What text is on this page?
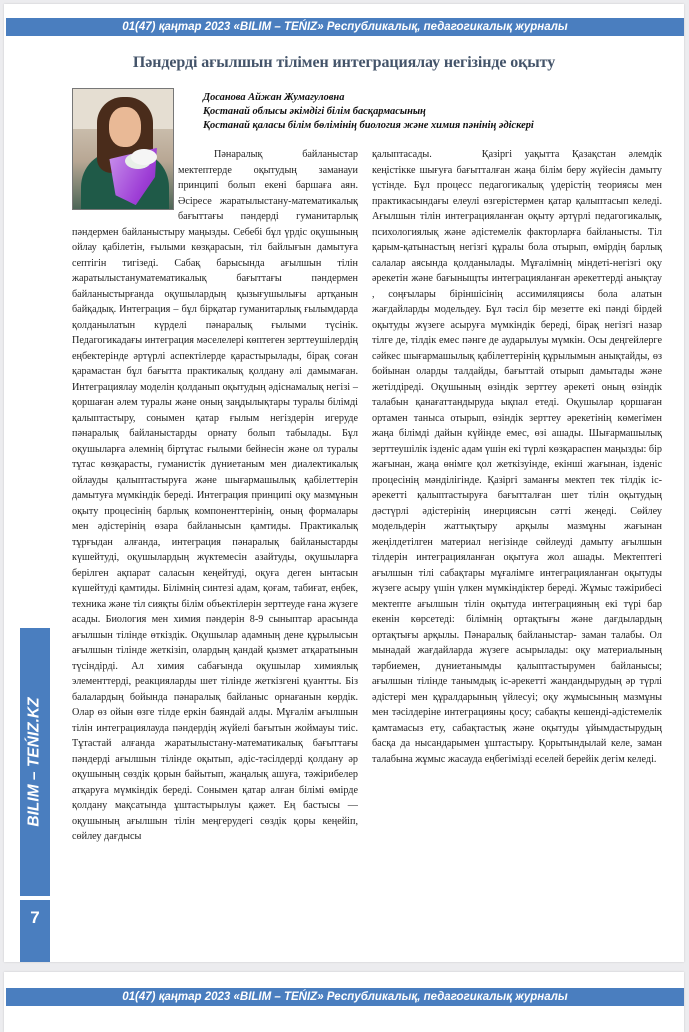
01(47) қаңтар 2023 «BILIM – TEŃIZ» Республикалық, педагогикалық журналы
Пәндерді ағылшын тілімен интеграциялау негізінде оқыту
Досанова Айжан Жумагуловна
Қостанай облысы әкімдігі білім басқармасының
Қостанай қаласы білім бөлімінің биология және химия пәнінің әдіскері

Пәнаралық байланыстар мектептерде оқытудың заманауи принципі болып екені баршаға аян. Әсіресе жаратылыстану-математикалық бағыттағы пәндерді гуманитарлық пәндермен байланыстыру маңызды. Себебі бұл үрдіс оқушының ойлау қабілетін, ғылыми көзқарасын, тіл байлығын дамытуға септігін тигізеді. Сабақ барысында ағылшын тілін жаратылыстануматематикалық бағыттағы пәндермен байланыстырғанда оқушылардың қызығушылығы артқанын байқадық. Интеграция – бұл бірқатар гуманитарлық ғылымдарда қолданылатын күрделі пәнаралық ғылыми түсінік. Педагогикадағы интеграция мәселелері көптеген зерттеушілердің еңбектерінде әртүрлі аспектілерде қарастырылады, бірақ соған қарамастан бұл бағытта практикалық қолдану әлі дамымаған. Интеграциялау моделін қолданып оқытудың әдіснамалық негізі – қоршаған әлем туралы және оның заңдылықтары туралы білімді қалыптастыру, сонымен қатар ғылым негіздерін игеруде пәнаралық байланыстарды орнату болып табылады. Бұл оқушыларға әлемнің біртұтас ғылыми бейнесін және ол туралы тұтас көзқарасты, гуманистік дүниетаным мен диалектикалық ойлауды қалыптастыруға және шығармашылық қабілеттерін дамытуға мүмкіндік береді. Интеграция принципі оқу мазмұнын оқыту процесінің барлық компоненттерінің, оның формалары мен әдістерінің өзара байланысын қамтиды. Практикалық тұрғыдан алғанда, интеграция пәнаралық байланыстарды күшейтуді, оқушылардың жүктемесін азайтуды, оқушыларға берілген ақпарат саласын кеңейтуді, оқуға деген ынтасын күшейтуді қамтиды. Білімнің синтезі адам, қоғам, табиғат, еңбек, техника және тіл сияқты білім объектілерін зерттеуде ғана жүзеге асады. Биология мен химия пәндерін 8-9 сыныптар арасында ағылшын тілінде өткіздік. Оқушылар адамның дене құрылысын ағылшын тілінде жеткізіп, олардың қандай қызмет атқаратынын түсіндірді. Ал химия сабағында оқушылар химиялық элементтерді, реакцияларды шет тілінде жеткізгені қуантты. Біз балалардың бойында пәнаралық байланыс орнағанын көрдік. Олар өз ойын өзге тілде еркін баяндай алды. Мұғалім ағылшын тілін интеграциялауда пәндердің жүйелі бағытын жоймауы тиіс. Тұтастай алғанда жаратылыстану-математикалық бағыттағы пәндерді ағылшын тілінде оқытып, әдіс-тәсілдерді қолдану әр оқушының сөздік қорын байытып, жаңалық ашуға, тәжірибелер атқаруға мүмкіндік береді. Сонымен қатар алған білімі өмірде қолдану мақсатында ұштастырылуы қажет. Ең бастысы — оқушының ағылшын тілін меңгерудегі сөздік қоры кеңейіп, сөйлеу дағдысы

қалыптасады.	Қазіргі уақытта Қазақстан әлемдік кеңістікке шығуға бағытталған жаңа білім беру жүйесін дамыту үстінде. Бұл процесс педагогикалық үдерістің теориясы мен практикасындағы елеулі өзгерістермен қатар қалыптасып келеді. Ағылшын тілін интеграцияланған оқыту әртүрлі педагогикалық, психологиялық және әдістемелік факторларға байланысты. Тіл қарым-қатынастың негізгі құралы бола отырып, өмірдің барлық салалар аясында қолданылады. Мұғалімнің міндеті-негізгі оқу әрекетін және бағыныщты интеграцияланған әрекеттерді анықтау , соңғылары біріншісінің ассимиляциясы бола алатын жағдайларды модельдеу. Бұл тәсіл бір мезетте екі пәнді бірдей оқытуды жүзеге асыруға мүмкіндік береді, бірақ негізгі назар тілге де, тілдік емес пәнге де аударылуы мүмкін. Осы деңгейлерге сәйкес шығармашылық қабілеттерінің құрылымын анықтайды, өз бойынан оларды талдайды, бағыттай отырып дамытады және жетілдіреді. Оқушының өзіндік зерттеу әрекеті оның өзіндік талабын қанағаттандыруда ықпал етеді. Оқушылар қоршаған ортамен таныса отырып, өзіндік зерттеу әрекетінің көмегімен жаңа білімді дайын күйінде емес, өзі ашады. Шығармашылық зерттеушілік ізденіс адам үшін екі түрлі көзқараспен маңызды: бір жағынан, жаңа өнімге қол жеткізуінде, екінші жағынан, ізденіс процесінің мәнділігінде. Қазіргі заманғы мектеп тек тілдік іс-әрекетті қалыптастыруға бағытталған шет тілін оқытудың дәстүрлі әдістерінің инерциясын сәтті жеңеді. Сөйлеу модельдерін жаттықтыру арқылы мазмұны жағынан жеңілдетілген материал негізінде сөйлеуді дамыту ағылшын тілдерін интеграцияланған оқытуға жол ашады. Мектептегі ағылшын тілі сабақтары мұғалімге интеграцияланған оқытуды жүзеге асыру үшін үлкен мүмкіндіктер береді. Жұмыс тәжірибесі мектепте ағылшын тілін оқытуда интеграцияның екі түрі бар екенін көрсетеді: білімнің ортақтығы және дағдылардың ортақтығы арқылы. Пәнаралық байланыстар- заман талабы. Ол мынадай жағдайларда жүзеге асырылады: оқу материалының тәрбиемен, дүниетанымды қалыптастырумен байланысы; ағылшын тілінде танымдық іс-әрекетті жандандырудың әр түрлі әдістері мен құралдарының үйлесуі; оқу жұмысының мазмұны мен тәсілдеріне интеграцияны қосу; сабақты кешенді-әдістемелік қамтамасыз ету, сабақтастық және оқытуды ұйымдастырудың басқа да нысандарымен ұштастыру. Қорытындылай келе, заман талабына жұмыс жасауда еңбегімізді еселей берейік дегім келеді.

BILIM – TEŃIZ.KZ
7
01(47) қаңтар 2023 «BILIM – TEŃIZ» Республикалық, педагогикалық журналы
